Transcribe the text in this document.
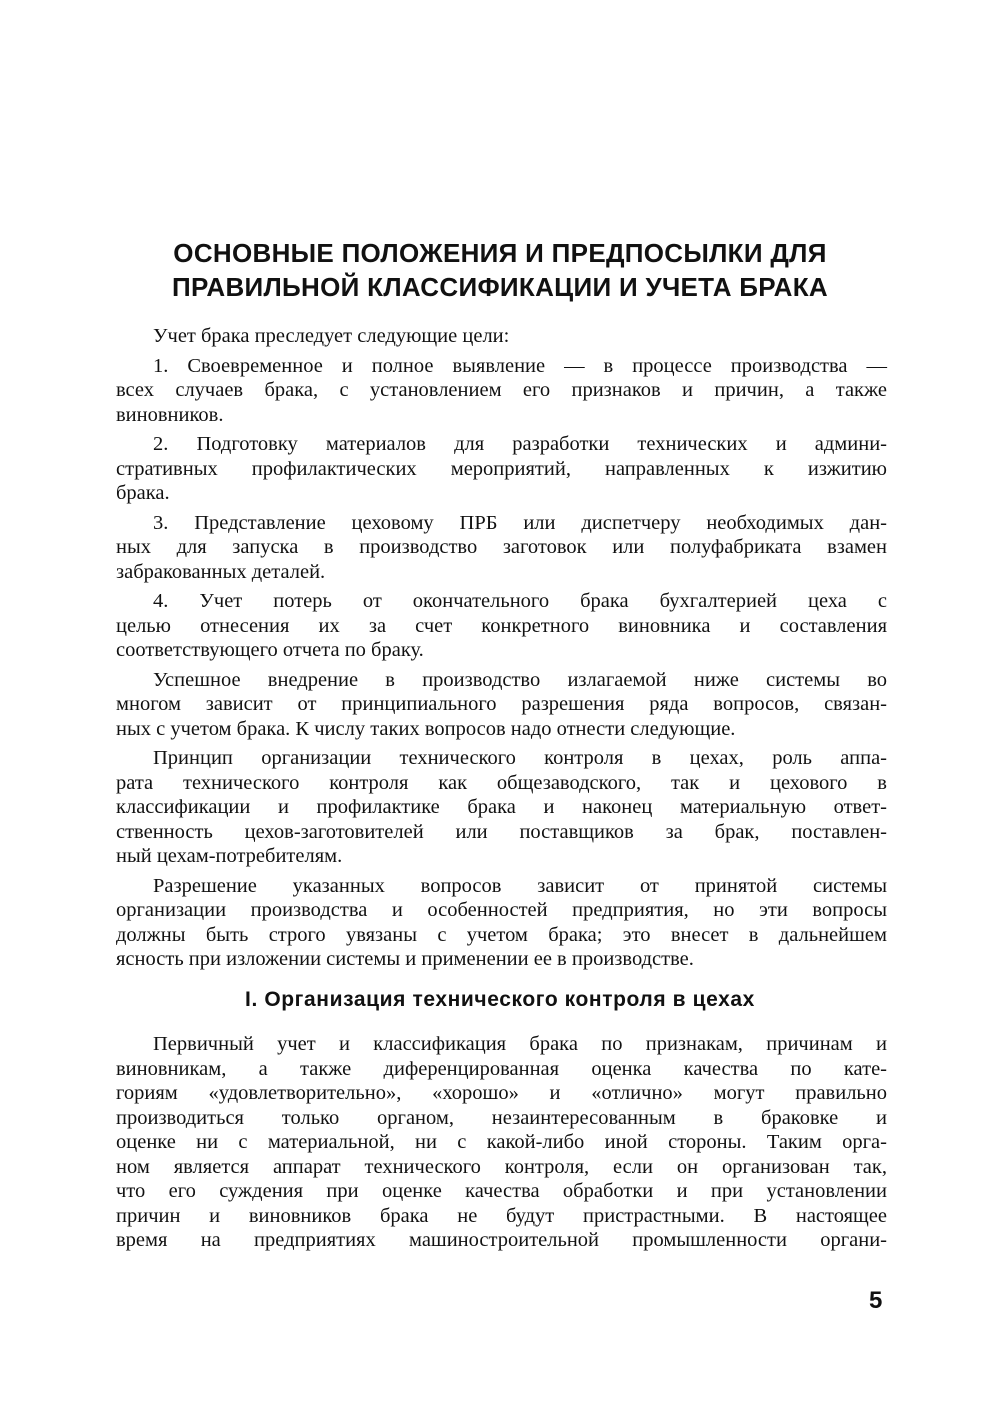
ОСНОВНЫЕ ПОЛОЖЕНИЯ И ПРЕДПОСЫЛКИ ДЛЯ
ПРАВИЛЬНОЙ КЛАССИФИКАЦИИ И УЧЕТА БРАКА
Учет брака преследует следующие цели:
1. Своевременное и полное выявление — в процессе производства —
всех случаев брака, с установлением его признаков и причин, а также
виновников.
2. Подготовку материалов для разработки технических и админи-
стративных профилактических мероприятий, направленных к изжитию
брака.
3. Представление цеховому ПРБ или диспетчеру необходимых дан-
ных для запуска в производство заготовок или полуфабриката взамен
забракованных деталей.
4. Учет потерь от окончательного брака бухгалтерией цеха с
целью отнесения их за счет конкретного виновника и составления
соответствующего отчета по браку.
Успешное внедрение в производство излагаемой ниже системы во
многом зависит от принципиального разрешения ряда вопросов, связан-
ных с учетом брака. К числу таких вопросов надо отнести следующие.
Принцип организации технического контроля в цехах, роль аппа-
рата технического контроля как общезаводского, так и цехового в
классификации и профилактике брака и наконец материальную ответ-
ственность цехов-заготовителей или поставщиков за брак, поставлен-
ный цехам-потребителям.
Разрешение указанных вопросов зависит от принятой системы
организации производства и особенностей предприятия, но эти вопросы
должны быть строго увязаны с учетом брака; это внесет в дальнейшем
ясность при изложении системы и применении ее в производстве.
I. Организация технического контроля в цехах
Первичный учет и классификация брака по признакам, причинам и
виновникам, а также диференцированная оценка качества по кате-
гориям «удовлетворительно», «хорошо» и «отлично» могут правильно
производиться только органом, незаинтересованным в браковке и
оценке ни с материальной, ни с какой-либо иной стороны. Таким орга-
ном является аппарат технического контроля, если он организован так,
что его суждения при оценке качества обработки и при установлении
причин и виновников брака не будут пристрастными. В настоящее
время на предприятиях машиностроительной промышленности органи-
5
